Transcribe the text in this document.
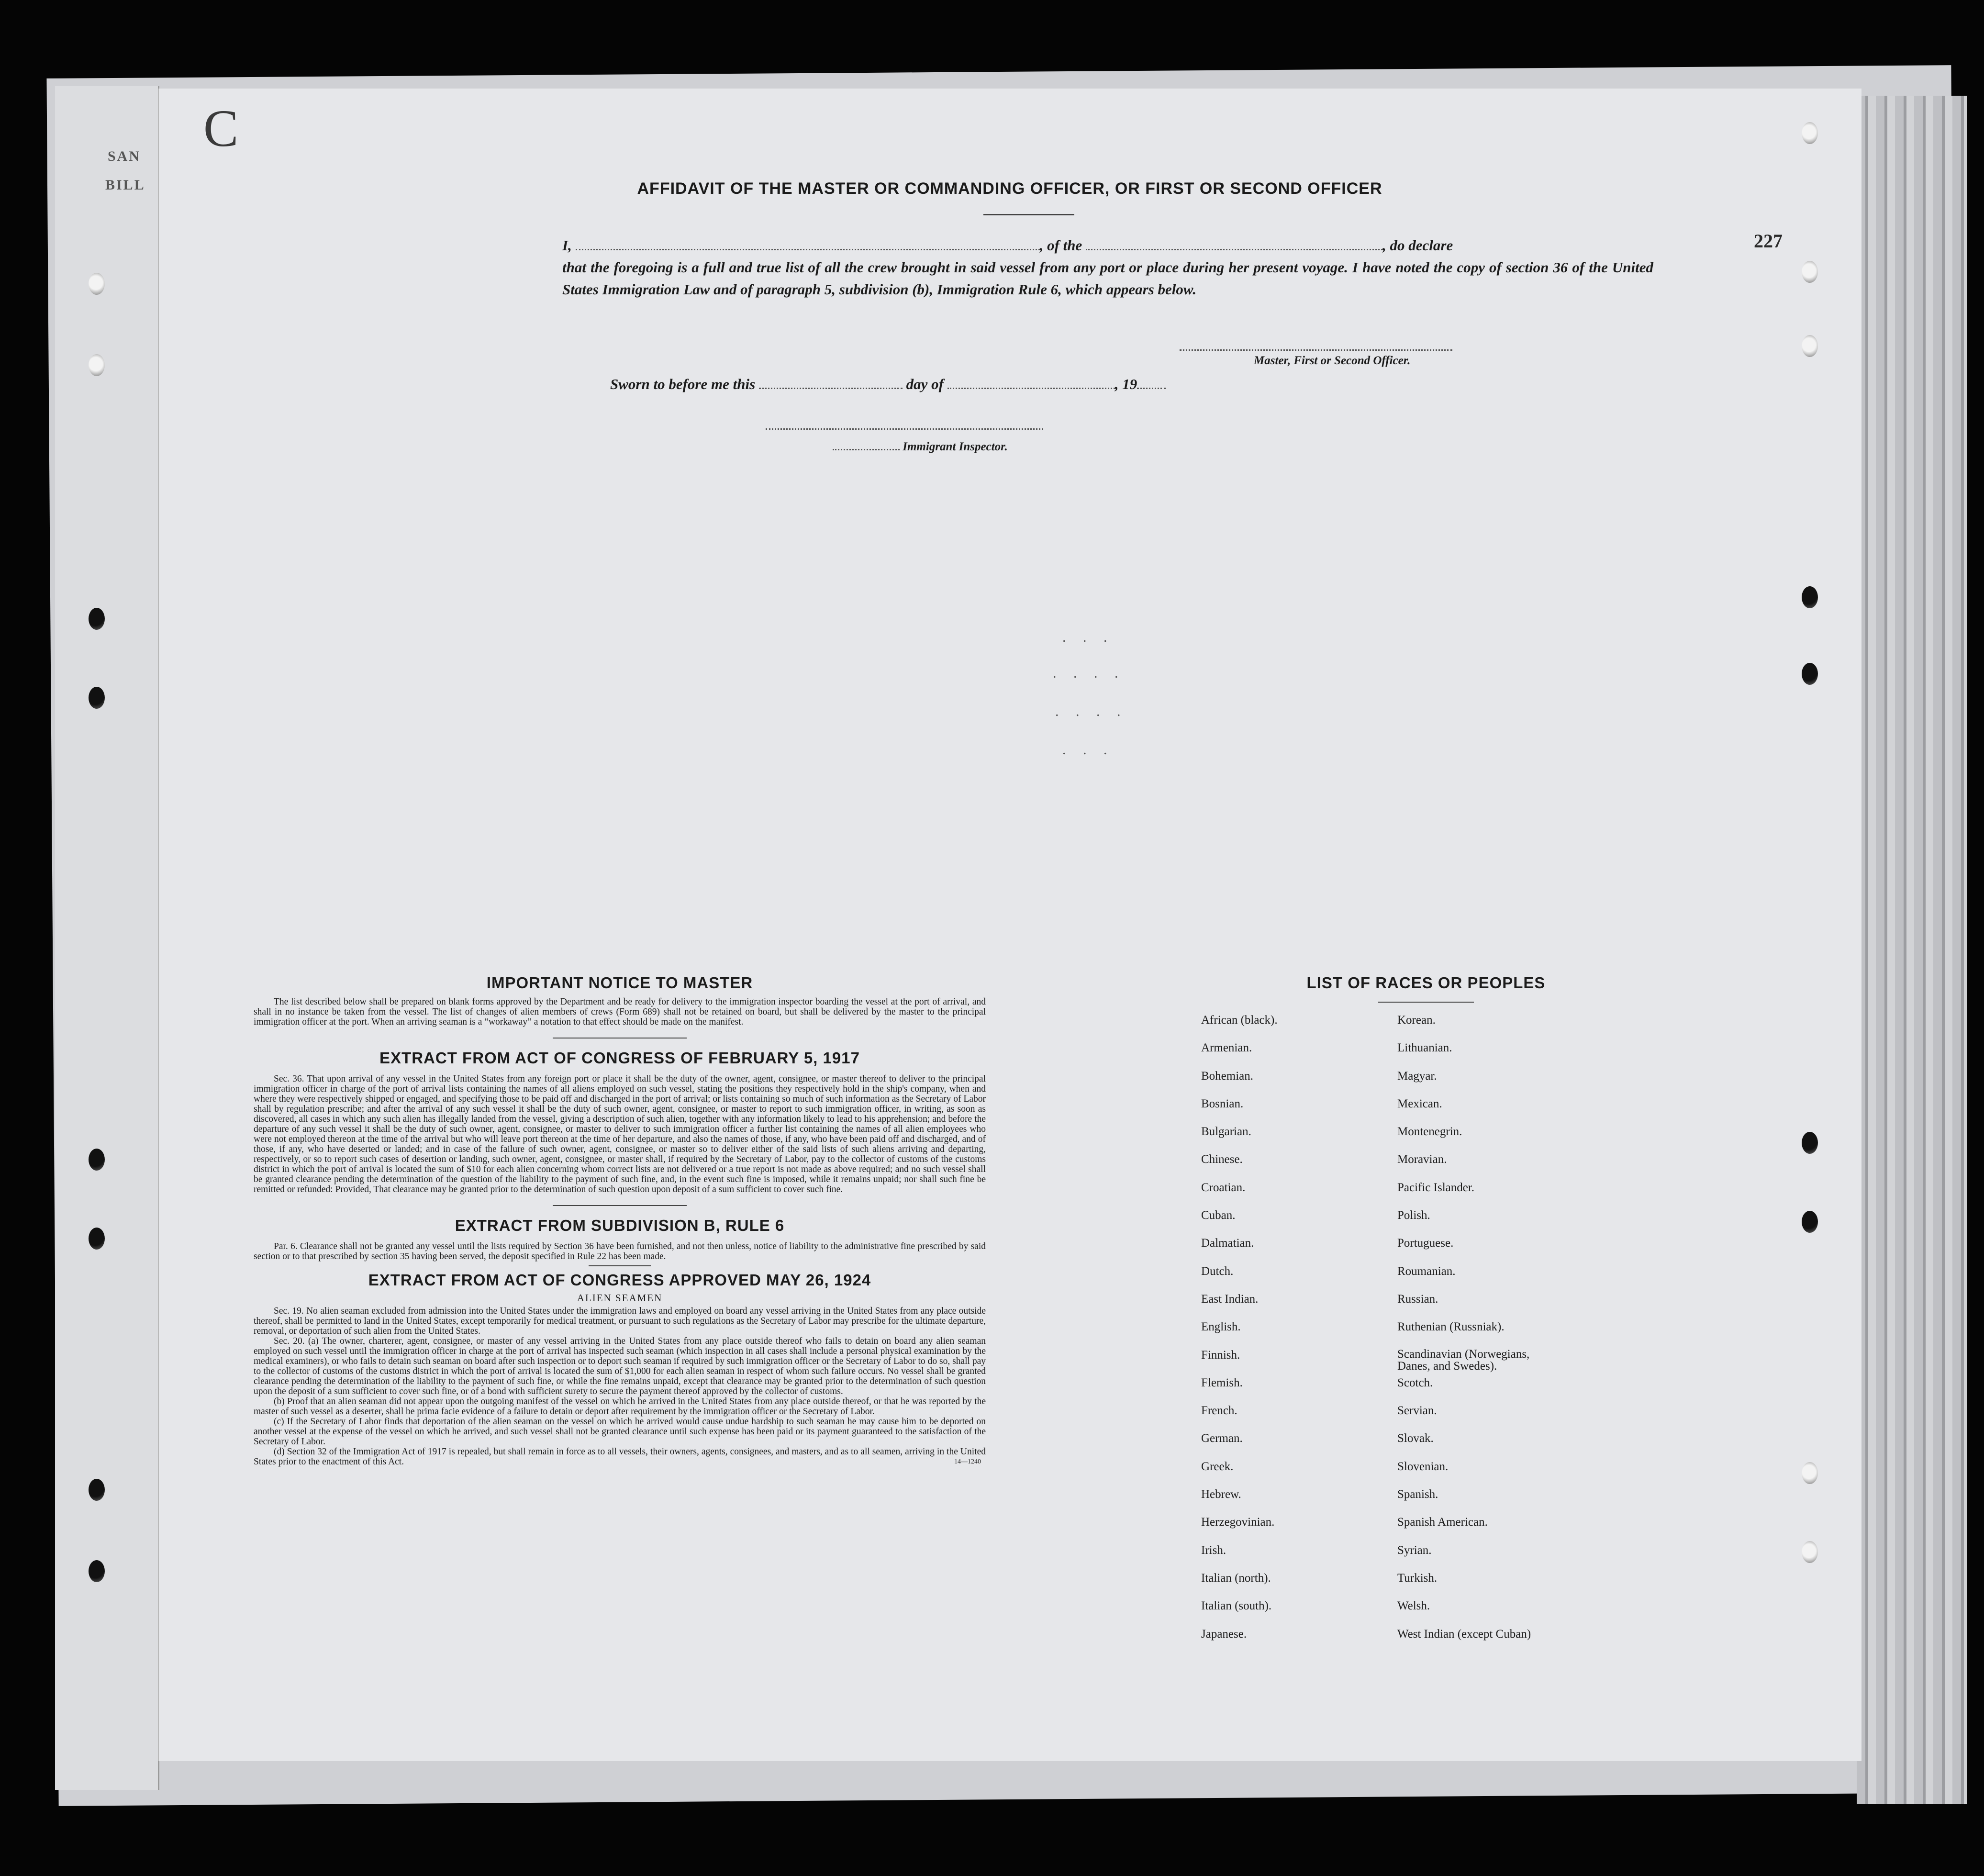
SAN
BILL
C
227
. . .
. . . .
. . . .
. . .
AFFIDAVIT OF THE MASTER OR COMMANDING OFFICER, OR FIRST OR SECOND OFFICER
I,	, of the	, do declare
that the foregoing is a full and true list of all the crew brought in said vessel from any port or place during her present voyage. I have noted the copy of section 36 of the United States Immigration Law and of paragraph 5, subdivision (b), Immigration Rule 6, which appears below.
Master, First or Second Officer.
Sworn to before me this	day of	, 19
Immigrant Inspector.
IMPORTANT NOTICE TO MASTER

The list described below shall be prepared on blank forms approved by the Department and be ready for delivery to the immigration inspector boarding the vessel at the port of arrival, and shall in no instance be taken from the vessel. The list of changes of alien members of crews (Form 689) shall not be retained on board, but shall be delivered by the master to the principal immigration officer at the port. When an arriving seaman is a “workaway” a notation to that effect should be made on the manifest.

EXTRACT FROM ACT OF CONGRESS OF FEBRUARY 5, 1917

Sec. 36. That upon arrival of any vessel in the United States from any foreign port or place it shall be the duty of the owner, agent, consignee, or master thereof to deliver to the principal immigration officer in charge of the port of arrival lists containing the names of all aliens employed on such vessel, stating the positions they respectively hold in the ship's company, when and where they were respectively shipped or engaged, and specifying those to be paid off and discharged in the port of arrival; or lists containing so much of such information as the Secretary of Labor shall by regulation prescribe; and after the arrival of any such vessel it shall be the duty of such owner, agent, consignee, or master to report to such immigration officer, in writing, as soon as discovered, all cases in which any such alien has illegally landed from the vessel, giving a description of such alien, together with any information likely to lead to his apprehension; and before the departure of any such vessel it shall be the duty of such owner, agent, consignee, or master to deliver to such immigration officer a further list containing the names of all alien employees who were not employed thereon at the time of the arrival but who will leave port thereon at the time of her departure, and also the names of those, if any, who have been paid off and discharged, and of those, if any, who have deserted or landed; and in case of the failure of such owner, agent, consignee, or master so to deliver either of the said lists of such aliens arriving and departing, respectively, or so to report such cases of desertion or landing, such owner, agent, consignee, or master shall, if required by the Secretary of Labor, pay to the collector of customs of the customs district in which the port of arrival is located the sum of $10 for each alien concerning whom correct lists are not delivered or a true report is not made as above required; and no such vessel shall be granted clearance pending the determination of the question of the liability to the payment of such fine, and, in the event such fine is imposed, while it remains unpaid; nor shall such fine be remitted or refunded: Provided, That clearance may be granted prior to the determination of such question upon deposit of a sum sufficient to cover such fine.

EXTRACT FROM SUBDIVISION B, RULE 6

Par. 6. Clearance shall not be granted any vessel until the lists required by Section 36 have been furnished, and not then unless, notice of liability to the administrative fine prescribed by said section or to that prescribed by section 35 having been served, the deposit specified in Rule 22 has been made.

EXTRACT FROM ACT OF CONGRESS APPROVED MAY 26, 1924
ALIEN SEAMEN

Sec. 19. No alien seaman excluded from admission into the United States under the immigration laws and employed on board any vessel arriving in the United States from any place outside thereof, shall be permitted to land in the United States, except temporarily for medical treatment, or pursuant to such regulations as the Secretary of Labor may prescribe for the ultimate departure, removal, or deportation of such alien from the United States.

Sec. 20. (a) The owner, charterer, agent, consignee, or master of any vessel arriving in the United States from any place outside thereof who fails to detain on board any alien seaman employed on such vessel until the immigration officer in charge at the port of arrival has inspected such seaman (which inspection in all cases shall include a personal physical examination by the medical examiners), or who fails to detain such seaman on board after such inspection or to deport such seaman if required by such immigration officer or the Secretary of Labor to do so, shall pay to the collector of customs of the customs district in which the port of arrival is located the sum of $1,000 for each alien seaman in respect of whom such failure occurs. No vessel shall be granted clearance pending the determination of the liability to the payment of such fine, or while the fine remains unpaid, except that clearance may be granted prior to the determination of such question upon the deposit of a sum sufficient to cover such fine, or of a bond with sufficient surety to secure the payment thereof approved by the collector of customs.

(b) Proof that an alien seaman did not appear upon the outgoing manifest of the vessel on which he arrived in the United States from any place outside thereof, or that he was reported by the master of such vessel as a deserter, shall be prima facie evidence of a failure to detain or deport after requirement by the immigration officer or the Secretary of Labor.

(c) If the Secretary of Labor finds that deportation of the alien seaman on the vessel on which he arrived would cause undue hardship to such seaman he may cause him to be deported on another vessel at the expense of the vessel on which he arrived, and such vessel shall not be granted clearance until such expense has been paid or its payment guaranteed to the satisfaction of the Secretary of Labor.

(d) Section 32 of the Immigration Act of 1917 is repealed, but shall remain in force as to all vessels, their owners, agents, consignees, and masters, and as to all seamen, arriving in the United States prior to the enactment of this Act.	14—1240
LIST OF RACES OR PEOPLES
African (black).	Korean.
Armenian.	Lithuanian.
Bohemian.	Magyar.
Bosnian.	Mexican.
Bulgarian.	Montenegrin.
Chinese.	Moravian.
Croatian.	Pacific Islander.
Cuban.	Polish.
Dalmatian.	Portuguese.
Dutch.	Roumanian.
East Indian.	Russian.
English.	Ruthenian (Russniak).
Finnish.	Scandinavian (Norwegians, Danes, and Swedes).
Flemish.	Scotch.
French.	Servian.
German.	Slovak.
Greek.	Slovenian.
Hebrew.	Spanish.
Herzegovinian.	Spanish American.
Irish.	Syrian.
Italian (north).	Turkish.
Italian (south).	Welsh.
Japanese.	West Indian (except Cuban)
